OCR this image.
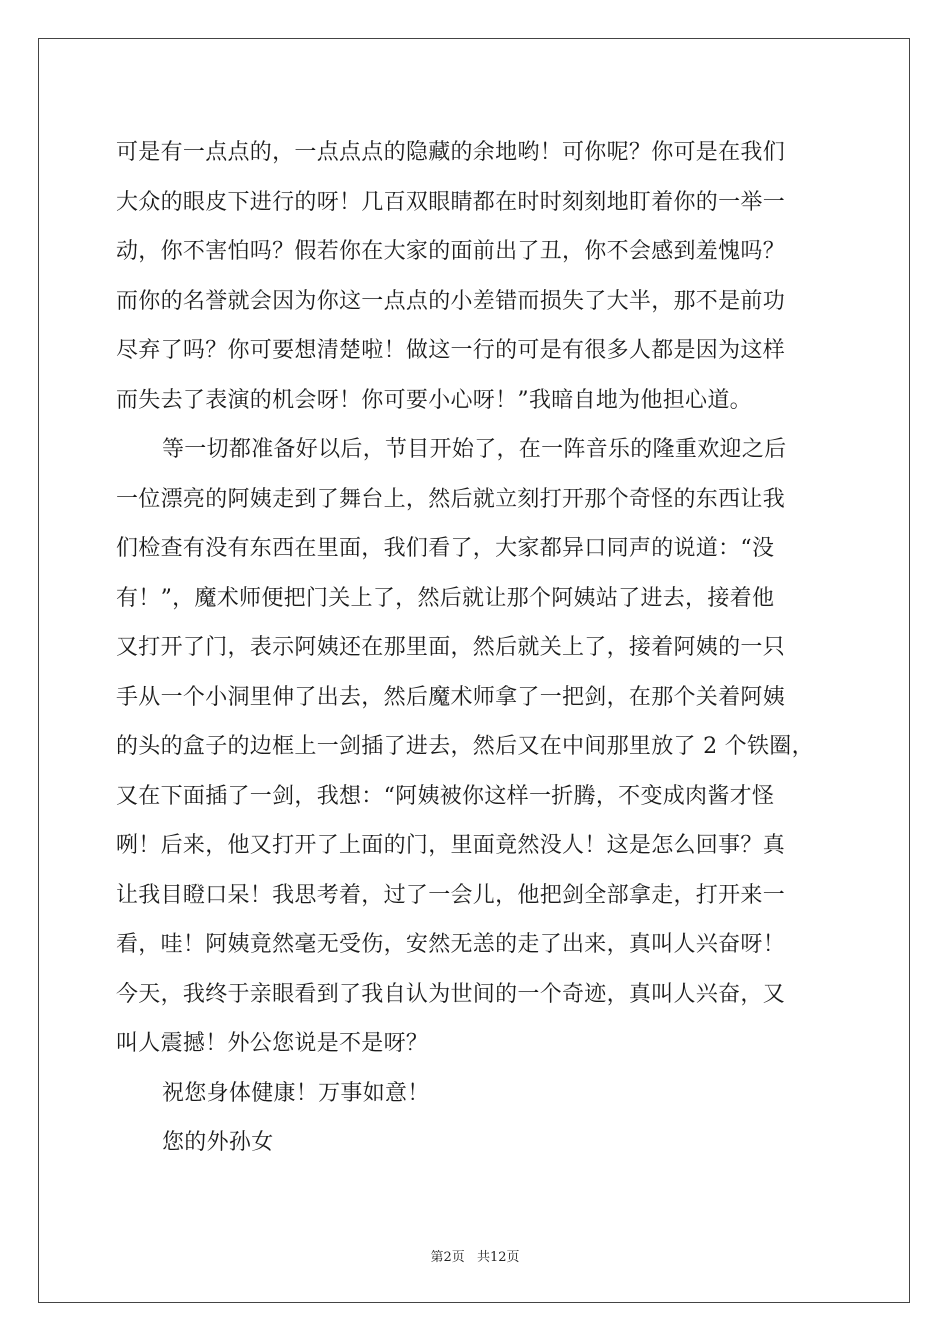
可是有一点点的，一点点点的隐藏的余地哟！可你呢？你可是在我们
大众的眼皮下进行的呀！几百双眼睛都在时时刻刻地盯着你的一举一
动，你不害怕吗？假若你在大家的面前出了丑，你不会感到羞愧吗？
而你的名誉就会因为你这一点点的小差错而损失了大半，那不是前功
尽弃了吗？你可要想清楚啦！做这一行的可是有很多人都是因为这样
而失去了表演的机会呀！你可要小心呀！”我暗自地为他担心道。
等一切都准备好以后，节目开始了，在一阵音乐的隆重欢迎之后
一位漂亮的阿姨走到了舞台上，然后就立刻打开那个奇怪的东西让我
们检查有没有东西在里面，我们看了，大家都异口同声的说道：“没
有！”，魔术师便把门关上了，然后就让那个阿姨站了进去，接着他
又打开了门，表示阿姨还在那里面，然后就关上了，接着阿姨的一只
手从一个小洞里伸了出去，然后魔术师拿了一把剑，在那个关着阿姨
的头的盒子的边框上一剑插了进去，然后又在中间那里放了 2 个铁圈，
又在下面插了一剑，我想：“阿姨被你这样一折腾，不变成肉酱才怪
咧！后来，他又打开了上面的门，里面竟然没人！这是怎么回事？真
让我目瞪口呆！我思考着，过了一会儿，他把剑全部拿走，打开来一
看，哇！阿姨竟然毫无受伤，安然无恙的走了出来，真叫人兴奋呀！
今天，我终于亲眼看到了我自认为世间的一个奇迹，真叫人兴奋，又
叫人震撼！外公您说是不是呀？
祝您身体健康！万事如意！
您的外孙女
第2页 共12页
